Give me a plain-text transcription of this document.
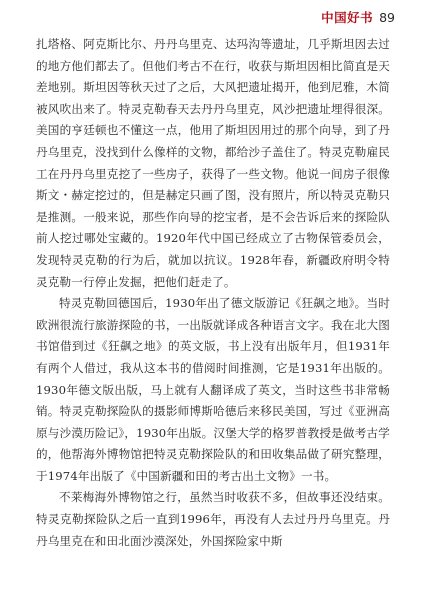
中国好书 89

扎塔格、阿克斯比尔、丹丹乌里克、达玛沟等遗址，几乎斯坦因去过的地方他们都去了。但他们考古不在行，收获与斯坦因相比简直是天差地别。斯坦因等秋天过了之后，大风把遗址揭开，他到尼雅，木简被风吹出来了。特灵克勒春天去丹丹乌里克，风沙把遗址埋得很深。美国的亨廷顿也不懂这一点，他用了斯坦因用过的那个向导，到了丹丹乌里克，没找到什么像样的文物，都给沙子盖住了。特灵克勒雇民工在丹丹乌里克挖了一些房子，获得了一些文物。他说一间房子很像斯文・赫定挖过的，但是赫定只画了图，没有照片，所以特灵克勒只是推测。一般来说，那些作向导的挖宝者，是不会告诉后来的探险队前人挖过哪处宝藏的。1920年代中国已经成立了古物保管委员会，发现特灵克勒的行为后，就加以抗议。1928年春，新疆政府明令特灵克勒一行停止发掘，把他们赶走了。

特灵克勒回德国后，1930年出了德文版游记《狂飙之地》。当时欧洲很流行旅游探险的书，一出版就译成各种语言文字。我在北大图书馆借到过《狂飙之地》的英文版，书上没有出版年月，但1931年有两个人借过，我从这本书的借阅时间推测，它是1931年出版的。1930年德文版出版，马上就有人翻译成了英文，当时这些书非常畅销。特灵克勒探险队的摄影师博斯哈德后来移民美国，写过《亚洲高原与沙漠历险记》，1930年出版。汉堡大学的格罗普教授是做考古学的，他帮海外博物馆把特灵克勒探险队的和田收集品做了研究整理，于1974年出版了《中国新疆和田的考古出土文物》一书。

不莱梅海外博物馆之行，虽然当时收获不多，但故事还没结束。特灵克勒探险队之后一直到1996年，再没有人去过丹丹乌里克。丹丹乌里克在和田北面沙漠深处，外国探险家中斯
